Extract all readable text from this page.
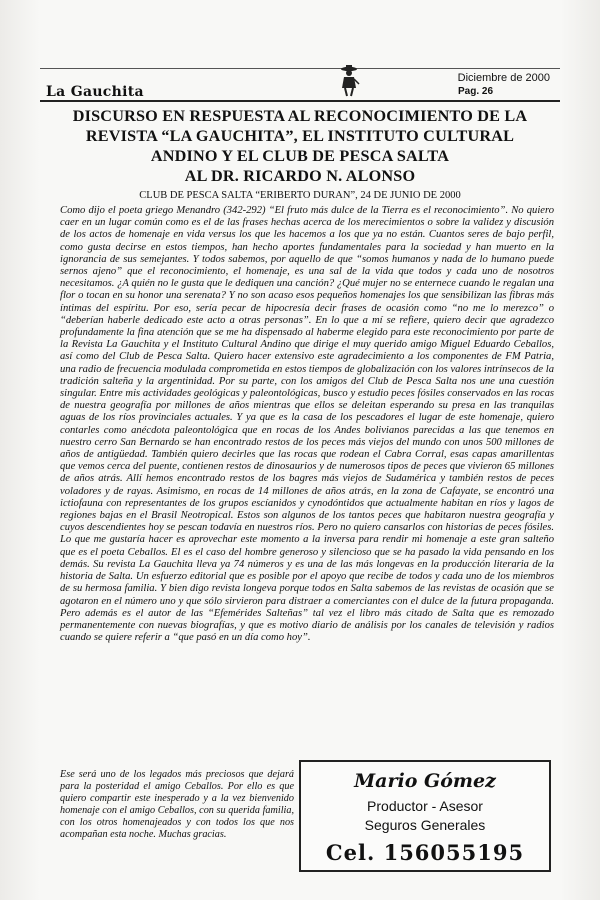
La Gauchita
Diciembre de 2000
Pag. 26
DISCURSO EN RESPUESTA AL RECONOCIMIENTO DE LA
REVISTA “LA GAUCHITA”, EL INSTITUTO CULTURAL
ANDINO Y EL CLUB DE PESCA SALTA
AL DR. RICARDO N. ALONSO
CLUB DE PESCA SALTA “ERIBERTO DURAN”, 24 DE JUNIO DE 2000

Como dijo el poeta griego Menandro (342-292) “El fruto más dulce de la Tierra es el reconocimiento”. No quiero caer en un lugar común como es el de las frases hechas acerca de los merecimientos o sobre la validez y discusión de los actos de homenaje en vida versus los que les hacemos a los que ya no están. Cuantos seres de bajo perfil, como gusta decirse en estos tiempos, han hecho aportes fundamentales para la sociedad y han muerto en la ignorancia de sus semejantes. Y todos sabemos, por aquello de que “somos humanos y nada de lo humano puede sernos ajeno” que el reconocimiento, el homenaje, es una sal de la vida que todos y cada uno de nosotros necesitamos. ¿A quién no le gusta que le dediquen una canción? ¿Qué mujer no se enternece cuando le regalan una flor o tocan en su honor una serenata? Y no son acaso esos pequeños homenajes los que sensibilizan las fibras más íntimas del espíritu. Por eso, sería pecar de hipocresía decir frases de ocasión como “no me lo merezco” o “deberían haberle dedicado este acto a otras personas”. En lo que a mí se refiere, quiero decir que agradezco profundamente la fina atención que se me ha dispensado al haberme elegido para este reconocimiento por parte de la Revista La Gauchita y el Instituto Cultural Andino que dirige el muy querido amigo Miguel Eduardo Ceballos, así como del Club de Pesca Salta. Quiero hacer extensivo este agradecimiento a los componentes de FM Patria, una radio de frecuencia modulada comprometida en estos tiempos de globalización con los valores intrínsecos de la tradición salteña y la argentinidad. Por su parte, con los amigos del Club de Pesca Salta nos une una cuestión singular. Entre mis actividades geológicas y paleontológicas, busco y estudio peces fósiles conservados en las rocas de nuestra geografía por millones de años mientras que ellos se deleitan esperando su presa en las tranquilas aguas de los ríos provinciales actuales. Y ya que es la casa de los pescadores el lugar de este homenaje, quiero contarles como anécdota paleontológica que en rocas de los Andes bolivianos parecidas a las que tenemos en nuestro cerro San Bernardo se han encontrado restos de los peces más viejos del mundo con unos 500 millones de años de antigüedad. También quiero decirles que las rocas que rodean el Cabra Corral, esas capas amarillentas que vemos cerca del puente, contienen restos de dinosaurios y de numerosos tipos de peces que vivieron 65 millones de años atrás. Allí hemos encontrado restos de los bagres más viejos de Sudamérica y también restos de peces voladores y de rayas. Asimismo, en rocas de 14 millones de años atrás, en la zona de Cafayate, se encontró una ictiofauna con representantes de los grupos escíanidos y cynodóntidos que actualmente habitan en ríos y lagos de regiones bajas en el Brasil Neotropical. Estos son algunos de los tantos peces que habitaron nuestra geografía y cuyos descendientes hoy se pescan todavía en nuestros ríos. Pero no quiero cansarlos con historias de peces fósiles. Lo que me gustaría hacer es aprovechar este momento a la inversa para rendir mi homenaje a este gran salteño que es el poeta Ceballos. El es el caso del hombre generoso y silencioso que se ha pasado la vida pensando en los demás. Su revista La Gauchita lleva ya 74 números y es una de las más longevas en la producción literaria de la historia de Salta. Un esfuerzo editorial que es posible por el apoyo que recibe de todos y cada uno de los miembros de su hermosa familia. Y bien digo revista longeva porque todos en Salta sabemos de las revistas de ocasión que se agotaron en el número uno y que sólo sirvieron para distraer a comerciantes con el dulce de la futura propaganda. Pero además es el autor de las “Efemérides Salteñas” tal vez el libro más citado de Salta que es remozado permanentemente con nuevas biografías, y que es motivo diario de análisis por los canales de televisión y radios cuando se quiere referir a “que pasó en un día como hoy”.

Ese será uno de los legados más preciosos que dejará para la posteridad el amigo Ceballos. Por ello es que quiero compartir este inesperado y a la vez bienvenido homenaje con el amigo Ceballos, con su querida familia, con los otros homenajeados y con todos los que nos acompañan esta noche. Muchas gracias.
Mario Gómez
Productor - Asesor
Seguros Generales
Cel. 156055195
